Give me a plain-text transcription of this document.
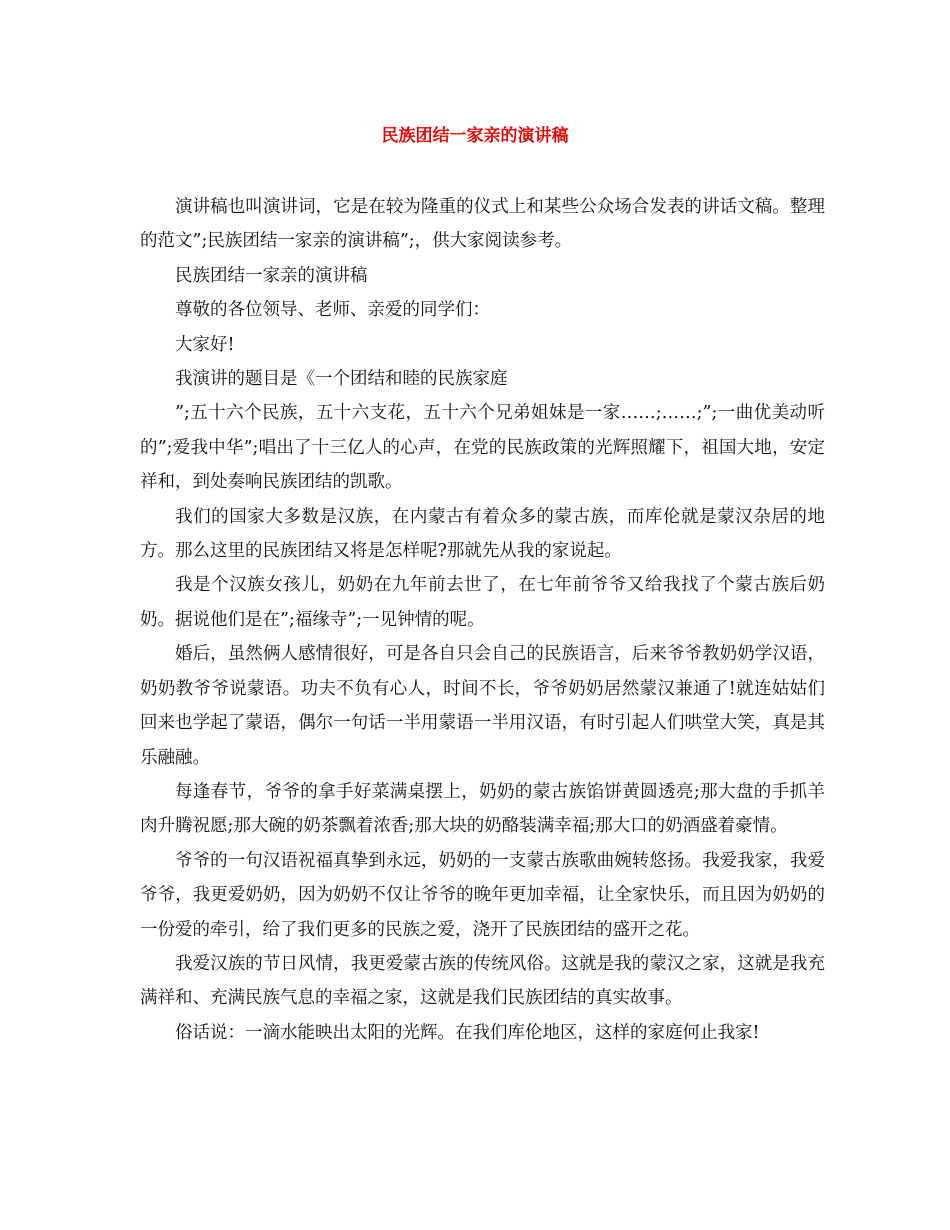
民族团结一家亲的演讲稿

演讲稿也叫演讲词，它是在较为隆重的仪式上和某些公众场合发表的讲话文稿。整理的范文”;民族团结一家亲的演讲稿”;，供大家阅读参考。

民族团结一家亲的演讲稿

尊敬的各位领导、老师、亲爱的同学们：

大家好!

我演讲的题目是《一个团结和睦的民族家庭

”;五十六个民族，五十六支花，五十六个兄弟姐妹是一家……;……;”;一曲优美动听的”;爱我中华”;唱出了十三亿人的心声，在党的民族政策的光辉照耀下，祖国大地，安定祥和，到处奏响民族团结的凯歌。

我们的国家大多数是汉族，在内蒙古有着众多的蒙古族，而库伦就是蒙汉杂居的地方。那么这里的民族团结又将是怎样呢?那就先从我的家说起。

我是个汉族女孩儿，奶奶在九年前去世了，在七年前爷爷又给我找了个蒙古族后奶奶。据说他们是在”;福缘寺”;一见钟情的呢。

婚后，虽然俩人感情很好，可是各自只会自己的民族语言，后来爷爷教奶奶学汉语，奶奶教爷爷说蒙语。功夫不负有心人，时间不长，爷爷奶奶居然蒙汉兼通了!就连姑姑们回来也学起了蒙语，偶尔一句话一半用蒙语一半用汉语，有时引起人们哄堂大笑，真是其乐融融。

每逢春节，爷爷的拿手好菜满桌摆上，奶奶的蒙古族馅饼黄圆透亮;那大盘的手抓羊肉升腾祝愿;那大碗的奶茶飘着浓香;那大块的奶酪装满幸福;那大口的奶酒盛着豪情。

爷爷的一句汉语祝福真挚到永远，奶奶的一支蒙古族歌曲婉转悠扬。我爱我家，我爱爷爷，我更爱奶奶，因为奶奶不仅让爷爷的晚年更加幸福，让全家快乐，而且因为奶奶的一份爱的牵引，给了我们更多的民族之爱，浇开了民族团结的盛开之花。

我爱汉族的节日风情，我更爱蒙古族的传统风俗。这就是我的蒙汉之家，这就是我充满祥和、充满民族气息的幸福之家，这就是我们民族团结的真实故事。

俗话说：一滴水能映出太阳的光辉。在我们库伦地区，这样的家庭何止我家!
